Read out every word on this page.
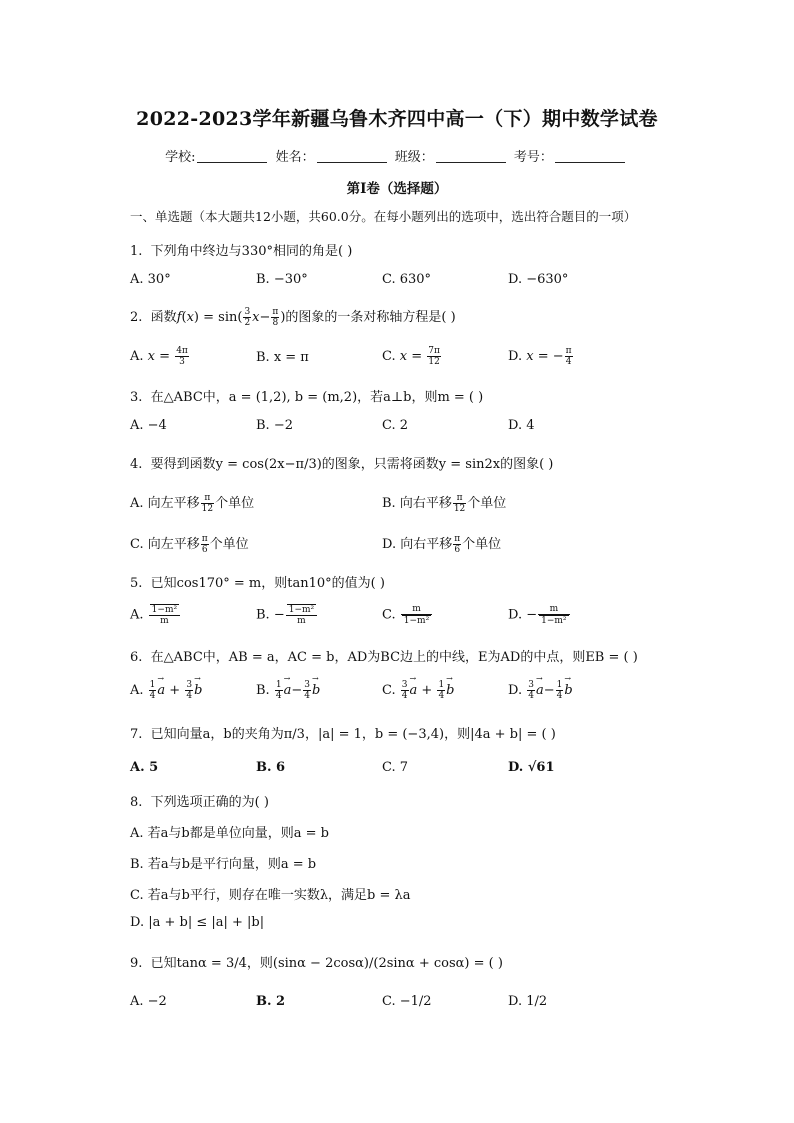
2022-2023学年新疆乌鲁木齐四中高一（下）期中数学试卷
学校:	姓名：	班级：	考号：
第I卷（选择题）
一、单选题（本大题共12小题，共60.0分。在每小题列出的选项中，选出符合题目的一项）
1. 下列角中终边与330°相同的角是( )
A. 30°	B. −30°	C. 630°	D. −630°
2. 函数$f(x) = \sin( \frac{3}{2} x- \frac{\pi}{8}$ )的图象的一条对称轴方程是( )
A. $x = \frac{4\pi}{3}$	B. x = π	C. $x = \frac{7\pi}{12}$	D. x = − $\frac{\pi}{4}$
3. 在△ABC中，a = (1,2), b = (m,2)，若a⊥b，则m = ( )
A. −4	B. −2	C. 2	D. 4
4. 要得到函数y = cos(2x−π/3)的图象，只需将函数y = sin2x的图象( )
A. 向左平移 $\frac{\pi}{12}$ 个单位	B. 向右平移 $\frac{\pi}{12}$ 个单位
C. 向左平移 $\frac{\pi}{6}$ 个单位	D. 向右平移 $\frac{\pi}{6}$ 个单位
5. 已知cos170° = m，则tan10°的值为( )
A. $\frac{\text{1−m²}}{m}$	B. − $\frac{\text{1−m²}}{m}$	C. $\frac{m}{\text{1−m²}}$	D. − $\frac{m}{\text{1−m²}}$
6. 在△ABC中，AB = a，AC = b，AD为BC边上的中线，E为AD的中点，则EB = ( )
A. $\frac{1}{4}$
→ $a + \frac{3}{4}$
→ b	B. $\frac{1}{4}$
→ $a- \frac{3}{4}$
→ b	C. $\frac{3}{4}$
→ $a + \frac{1}{4}$
→ b	D. $\frac{3}{4}$
→ $a- \frac{1}{4}$
→ b
7. 已知向量a，b的夹角为π/3，|a| = 1，b = (−3,4)，则|4a + b| = ( )
A. 5	B. 6	C. 7	D. √61
8. 下列选项正确的为( )
A. 若a与b都是单位向量，则a = b
B. 若a与b是平行向量，则a = b
C. 若a与b平行，则存在唯一实数λ，满足b = λa
D. |a + b| ≤ |a| + |b|
9. 已知tanα = 3/4，则(sinα − 2cosα)/(2sinα + cosα) = ( )
A. −2	B. 2	C. −1/2	D. 1/2
